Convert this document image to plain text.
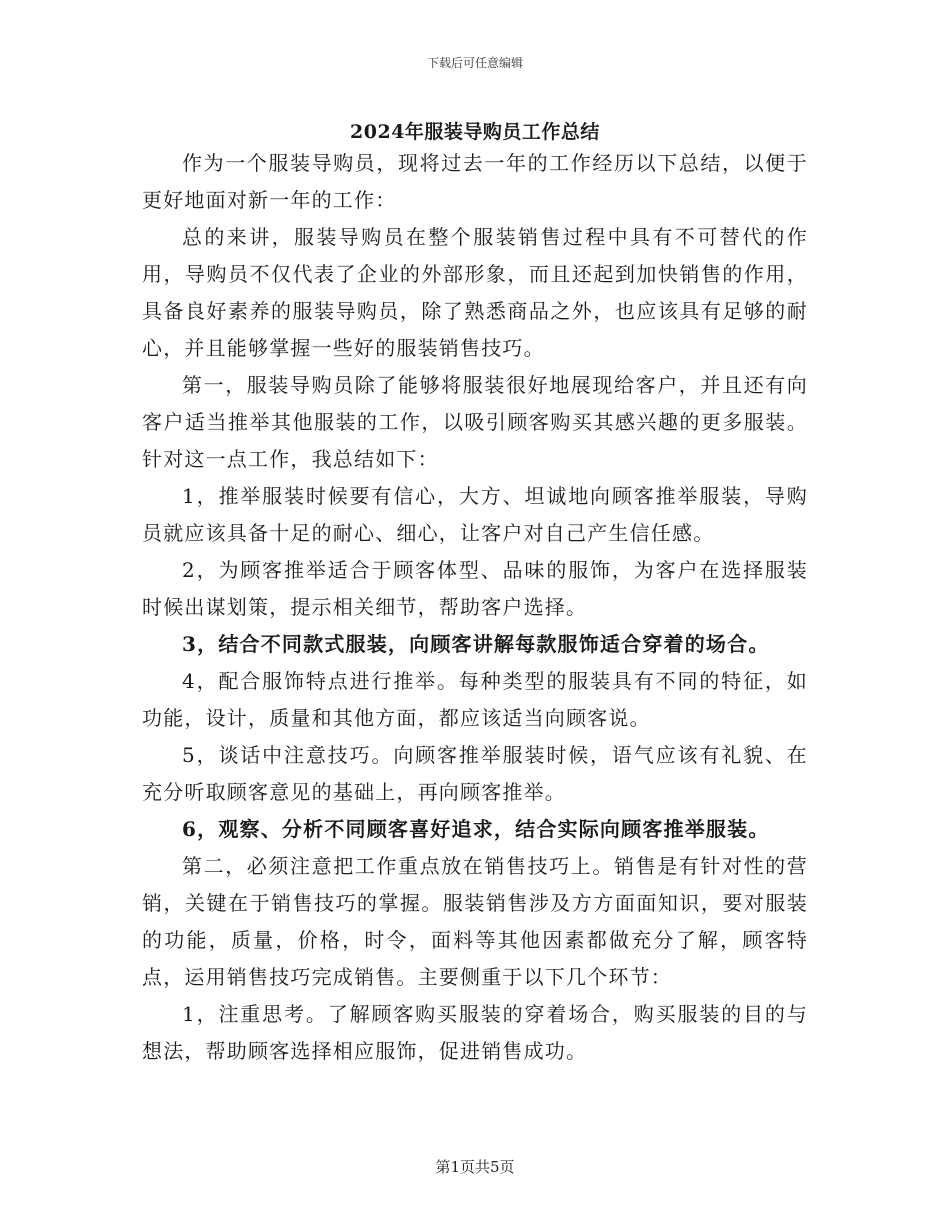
下载后可任意编辑
2024年服装导购员工作总结

作为一个服装导购员，现将过去一年的工作经历以下总结，以便于更好地面对新一年的工作：

总的来讲，服装导购员在整个服装销售过程中具有不可替代的作用，导购员不仅代表了企业的外部形象，而且还起到加快销售的作用，具备良好素养的服装导购员，除了熟悉商品之外，也应该具有足够的耐心，并且能够掌握一些好的服装销售技巧。

第一，服装导购员除了能够将服装很好地展现给客户，并且还有向客户适当推举其他服装的工作，以吸引顾客购买其感兴趣的更多服装。针对这一点工作，我总结如下：

1，推举服装时候要有信心，大方、坦诚地向顾客推举服装，导购员就应该具备十足的耐心、细心，让客户对自己产生信任感。

2，为顾客推举适合于顾客体型、品味的服饰，为客户在选择服装时候出谋划策，提示相关细节，帮助客户选择。

3，结合不同款式服装，向顾客讲解每款服饰适合穿着的场合。

4，配合服饰特点进行推举。每种类型的服装具有不同的特征，如功能，设计，质量和其他方面，都应该适当向顾客说。

5，谈话中注意技巧。向顾客推举服装时候，语气应该有礼貌、在充分听取顾客意见的基础上，再向顾客推举。

6，观察、分析不同顾客喜好追求，结合实际向顾客推举服装。

第二，必须注意把工作重点放在销售技巧上。销售是有针对性的营销，关键在于销售技巧的掌握。服装销售涉及方方面面知识，要对服装的功能，质量，价格，时令，面料等其他因素都做充分了解，顾客特点，运用销售技巧完成销售。主要侧重于以下几个环节：

1，注重思考。了解顾客购买服装的穿着场合，购买服装的目的与想法，帮助顾客选择相应服饰，促进销售成功。

第1页共5页
